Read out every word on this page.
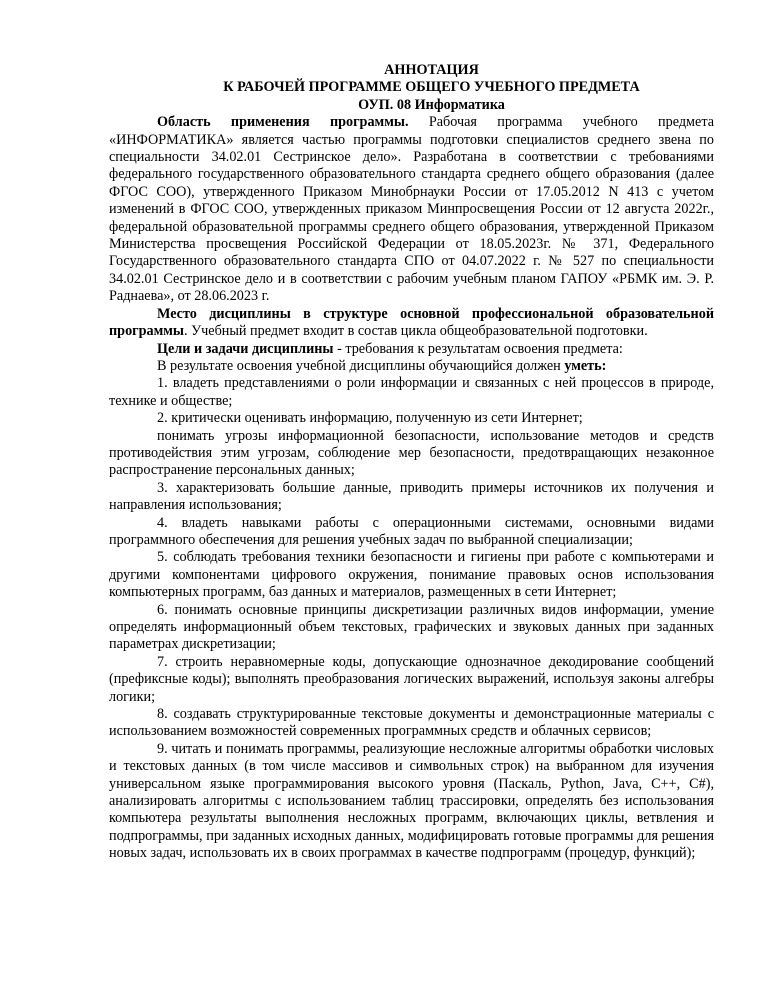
АННОТАЦИЯ
К РАБОЧЕЙ ПРОГРАММЕ ОБЩЕГО УЧЕБНОГО ПРЕДМЕТА
ОУП. 08 Информатика

Область применения программы. Рабочая программа учебного предмета «ИНФОРМАТИКА» является частью программы подготовки специалистов среднего звена по специальности 34.02.01 Сестринское дело». Разработана в соответствии с требованиями федерального государственного образовательного стандарта среднего общего образования (далее ФГОС СОО), утвержденного Приказом Минобрнауки России от 17.05.2012 N 413 с учетом изменений в ФГОС СОО, утвержденных приказом Минпросвещения России от 12 августа 2022г., федеральной образовательной программы среднего общего образования, утвержденной Приказом Министерства просвещения Российской Федерации от 18.05.2023г. № 371, Федерального Государственного образовательного стандарта СПО от 04.07.2022 г. № 527 по специальности 34.02.01 Сестринское дело и в соответствии с рабочим учебным планом ГАПОУ «РБМК им. Э. Р. Раднаева», от 28.06.2023 г.

Место дисциплины в структуре основной профессиональной образовательной программы. Учебный предмет входит в состав цикла общеобразовательной подготовки.

Цели и задачи дисциплины - требования к результатам освоения предмета:

В результате освоения учебной дисциплины обучающийся должен уметь:

1. владеть представлениями о роли информации и связанных с ней процессов в природе, технике и обществе;

2. критически оценивать информацию, полученную из сети Интернет;

понимать угрозы информационной безопасности, использование методов и средств противодействия этим угрозам, соблюдение мер безопасности, предотвращающих незаконное распространение персональных данных;

3. характеризовать большие данные, приводить примеры источников их получения и направления использования;

4. владеть навыками работы с операционными системами, основными видами программного обеспечения для решения учебных задач по выбранной специализации;

5. соблюдать требования техники безопасности и гигиены при работе с компьютерами и другими компонентами цифрового окружения, понимание правовых основ использования компьютерных программ, баз данных и материалов, размещенных в сети Интернет;

6. понимать основные принципы дискретизации различных видов информации, умение определять информационный объем текстовых, графических и звуковых данных при заданных параметрах дискретизации;

7. строить неравномерные коды, допускающие однозначное декодирование сообщений (префиксные коды); выполнять преобразования логических выражений, используя законы алгебры логики;

8. создавать структурированные текстовые документы и демонстрационные материалы с использованием возможностей современных программных средств и облачных сервисов;

9. читать и понимать программы, реализующие несложные алгоритмы обработки числовых и текстовых данных (в том числе массивов и символьных строк) на выбранном для изучения универсальном языке программирования высокого уровня (Паскаль, Python, Java, С++, С#), анализировать алгоритмы с использованием таблиц трассировки, определять без использования компьютера результаты выполнения несложных программ, включающих циклы, ветвления и подпрограммы, при заданных исходных данных, модифицировать готовые программы для решения новых задач, использовать их в своих программах в качестве подпрограмм (процедур, функций);
